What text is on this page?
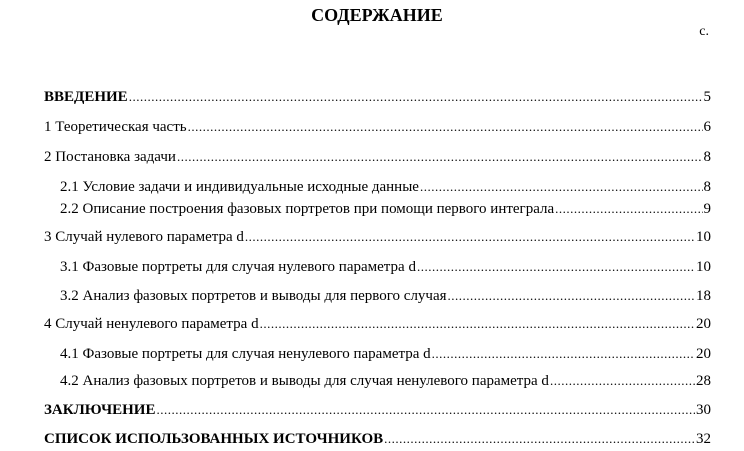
СОДЕРЖАНИЕ
с.
ВВЕДЕНИЕ .....	5
1 Теоретическая часть .....	6
2 Постановка задачи .....	8
2.1 Условие задачи и индивидуальные исходные данные .....	8
2.2 Описание построения фазовых портретов при помощи первого интеграла .....	9
3 Случай нулевого параметра d .....	10
3.1 Фазовые портреты для случая нулевого параметра d .....	10
3.2 Анализ фазовых портретов и выводы для первого случая .....	18
4 Случай ненулевого параметра d .....	20
4.1 Фазовые портреты для случая ненулевого параметра d .....	20
4.2 Анализ фазовых портретов и выводы для случая ненулевого параметра d .....	28
ЗАКЛЮЧЕНИЕ .....	30
СПИСОК ИСПОЛЬЗОВАННЫХ ИСТОЧНИКОВ .....	32
